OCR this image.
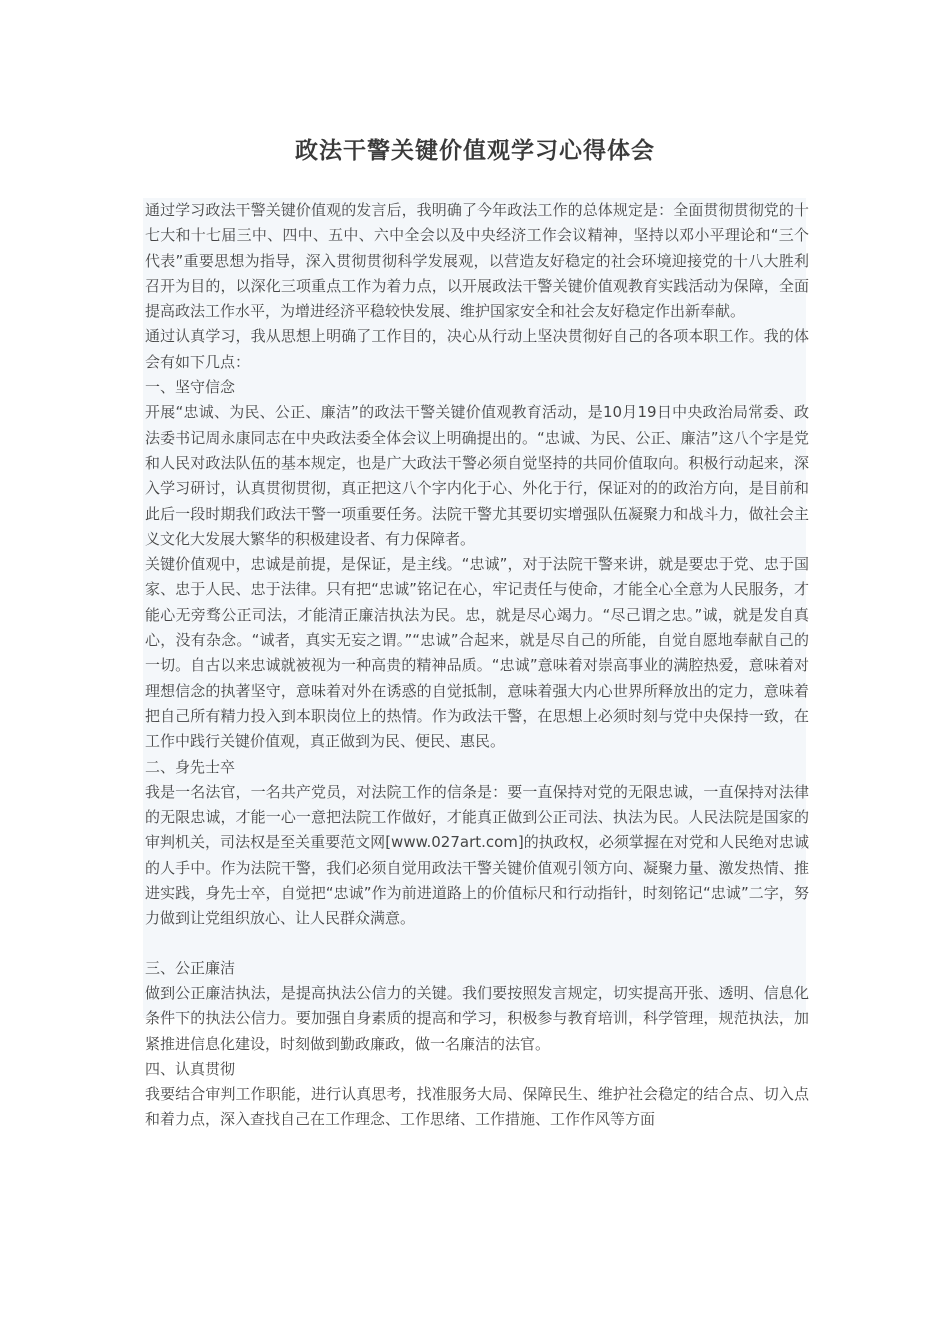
政法干警关键价值观学习心得体会

通过学习政法干警关键价值观的发言后，我明确了今年政法工作的总体规定是：全面贯彻贯彻党的十七大和十七届三中、四中、五中、六中全会以及中央经济工作会议精神，坚持以邓小平理论和“三个代表”重要思想为指导，深入贯彻贯彻科学发展观，以营造友好稳定的社会环境迎接党的十八大胜利召开为目的，以深化三项重点工作为着力点，以开展政法干警关键价值观教育实践活动为保障，全面提高政法工作水平，为增进经济平稳较快发展、维护国家安全和社会友好稳定作出新奉献。

通过认真学习，我从思想上明确了工作目的，决心从行动上坚决贯彻好自己的各项本职工作。我的体会有如下几点：

一、坚守信念

开展“忠诚、为民、公正、廉洁”的政法干警关键价值观教育活动，是10月19日中央政治局常委、政法委书记周永康同志在中央政法委全体会议上明确提出的。“忠诚、为民、公正、廉洁”这八个字是党和人民对政法队伍的基本规定，也是广大政法干警必须自觉坚持的共同价值取向。积极行动起来，深入学习研讨，认真贯彻贯彻，真正把这八个字内化于心、外化于行，保证对的的政治方向，是目前和此后一段时期我们政法干警一项重要任务。法院干警尤其要切实增强队伍凝聚力和战斗力，做社会主义文化大发展大繁华的积极建设者、有力保障者。

关键价值观中，忠诚是前提，是保证，是主线。“忠诚”，对于法院干警来讲，就是要忠于党、忠于国家、忠于人民、忠于法律。只有把“忠诚”铭记在心，牢记责任与使命，才能全心全意为人民服务，才能心无旁骛公正司法，才能清正廉洁执法为民。忠，就是尽心竭力。“尽己谓之忠。”诚，就是发自真心，没有杂念。“诚者，真实无妄之谓。”“忠诚”合起来，就是尽自己的所能，自觉自愿地奉献自己的一切。自古以来忠诚就被视为一种高贵的精神品质。“忠诚”意味着对崇高事业的满腔热爱，意味着对理想信念的执著坚守，意味着对外在诱惑的自觉抵制，意味着强大内心世界所释放出的定力，意味着把自己所有精力投入到本职岗位上的热情。作为政法干警，在思想上必须时刻与党中央保持一致，在工作中践行关键价值观，真正做到为民、便民、惠民。

二、身先士卒

我是一名法官，一名共产党员，对法院工作的信条是：要一直保持对党的无限忠诚，一直保持对法律的无限忠诚，才能一心一意把法院工作做好，才能真正做到公正司法、执法为民。人民法院是国家的审判机关，司法权是至关重要范文网[www.027art.com]的执政权，必须掌握在对党和人民绝对忠诚的人手中。作为法院干警，我们必须自觉用政法干警关键价值观引领方向、凝聚力量、激发热情、推进实践，身先士卒，自觉把“忠诚”作为前进道路上的价值标尺和行动指针，时刻铭记“忠诚”二字，努力做到让党组织放心、让人民群众满意。

三、公正廉洁

做到公正廉洁执法，是提高执法公信力的关键。我们要按照发言规定，切实提高开张、透明、信息化条件下的执法公信力。要加强自身素质的提高和学习，积极参与教育培训，科学管理，规范执法，加紧推进信息化建设，时刻做到勤政廉政，做一名廉洁的法官。

四、认真贯彻

我要结合审判工作职能，进行认真思考，找准服务大局、保障民生、维护社会稳定的结合点、切入点和着力点，深入查找自己在工作理念、工作思绪、工作措施、工作作风等方面
